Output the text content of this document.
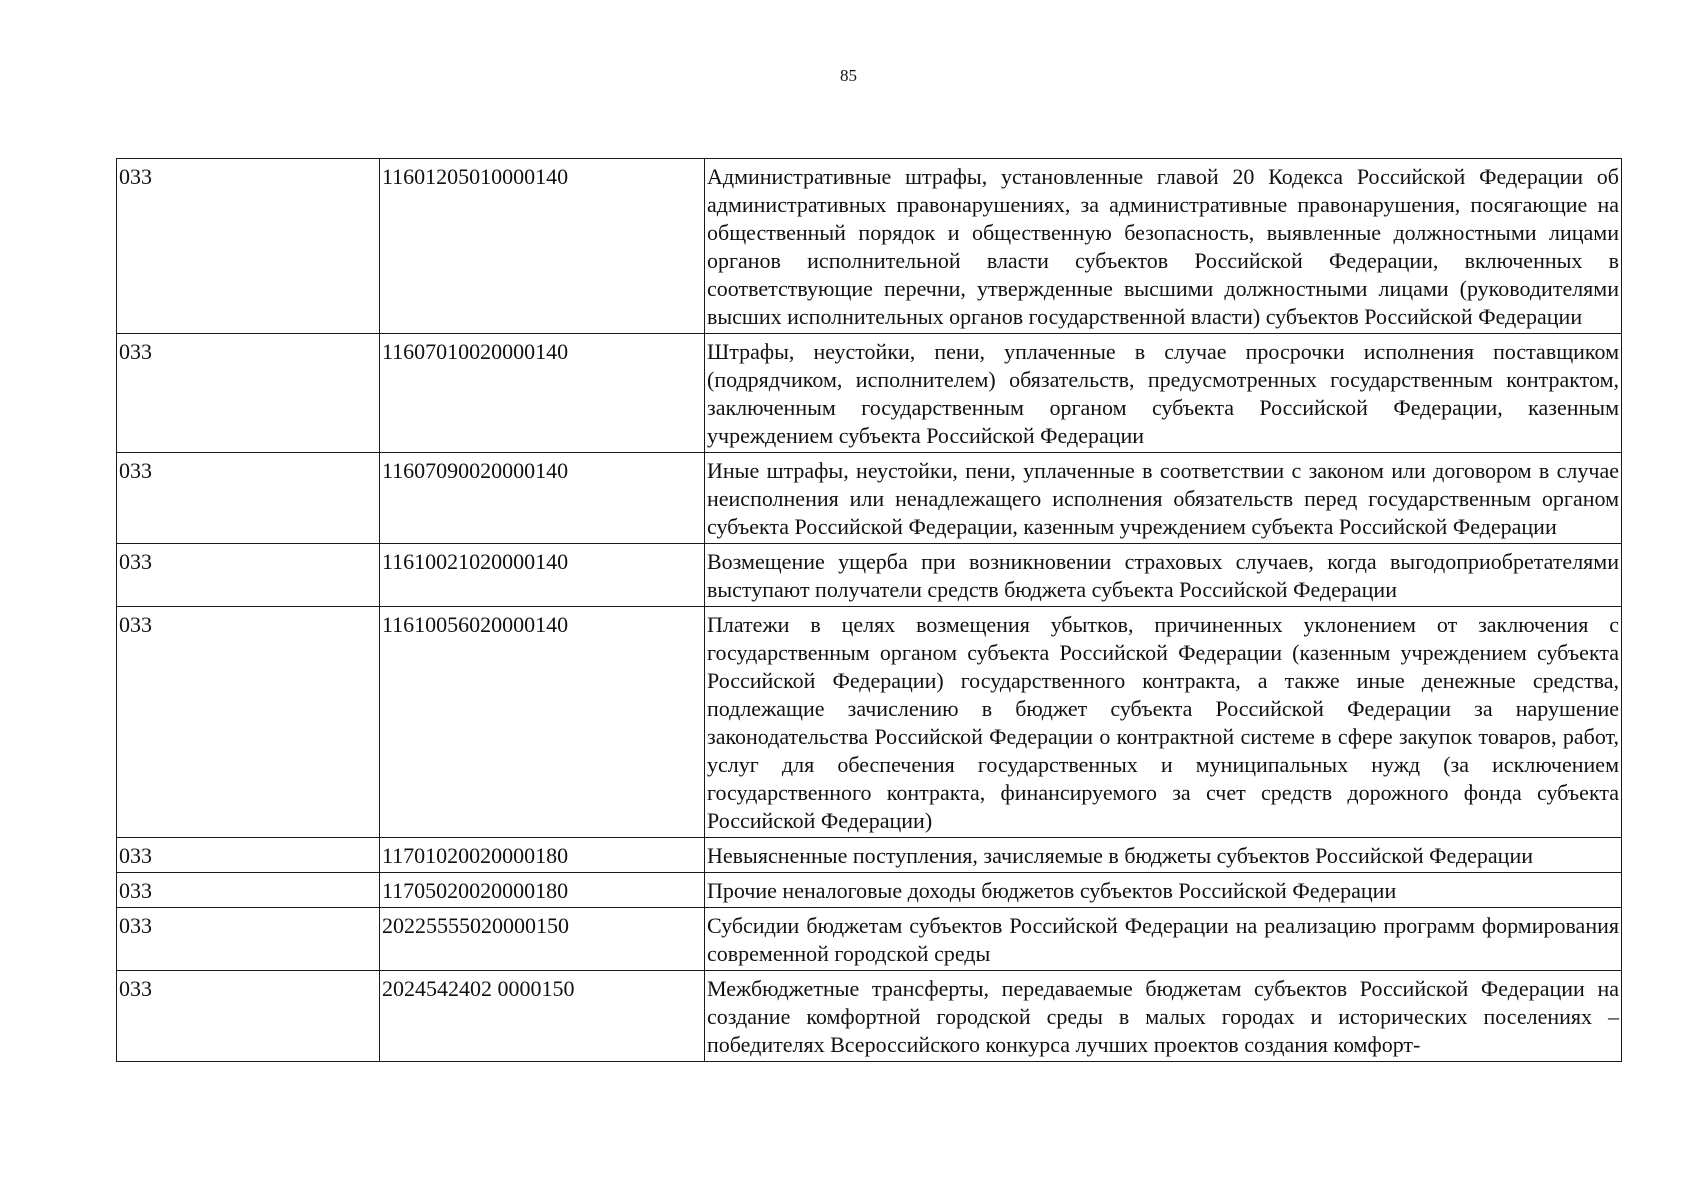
85
033	11601205010000140	Административные штрафы, установленные главой 20 Кодекса Российской Федерации об административных правонарушениях, за административные правонарушения, посягающие на общественный порядок и общественную безопасность, выявленные должностными лицами органов исполнительной власти субъектов Российской Федерации, включенных в соответствующие перечни, утвержденные высшими должностными лицами (руководителями высших исполнительных органов государственной власти) субъектов Российской Федерации
033	11607010020000140	Штрафы, неустойки, пени, уплаченные в случае просрочки исполнения поставщиком (подрядчиком, исполнителем) обязательств, предусмотренных государственным контрактом, заключенным государственным органом субъекта Российской Федерации, казенным учреждением субъекта Российской Федерации
033	11607090020000140	Иные штрафы, неустойки, пени, уплаченные в соответствии с законом или договором в случае неисполнения или ненадлежащего исполнения обязательств перед государственным органом субъекта Российской Федерации, казенным учреждением субъекта Российской Федерации
033	11610021020000140	Возмещение ущерба при возникновении страховых случаев, когда выгодоприобретателями выступают получатели средств бюджета субъекта Российской Федерации
033	11610056020000140	Платежи в целях возмещения убытков, причиненных уклонением от заключения с государственным органом субъекта Российской Федерации (казенным учреждением субъекта Российской Федерации) государственного контракта, а также иные денежные средства, подлежащие зачислению в бюджет субъекта Российской Федерации за нарушение законодательства Российской Федерации о контрактной системе в сфере закупок товаров, работ, услуг для обеспечения государственных и муниципальных нужд (за исключением государственного контракта, финансируемого за счет средств дорожного фонда субъекта Российской Федерации)
033	11701020020000180	Невыясненные поступления, зачисляемые в бюджеты субъектов Российской Федерации
033	11705020020000180	Прочие неналоговые доходы бюджетов субъектов Российской Федерации
033	20225555020000150	Субсидии бюджетам субъектов Российской Федерации на реализацию программ формирования современной городской среды
033	2024542402 0000150	Межбюджетные трансферты, передаваемые бюджетам субъектов Российской Федерации на создание комфортной городской среды в малых городах и исторических поселениях – победителях Всероссийского конкурса лучших проектов создания комфорт-
